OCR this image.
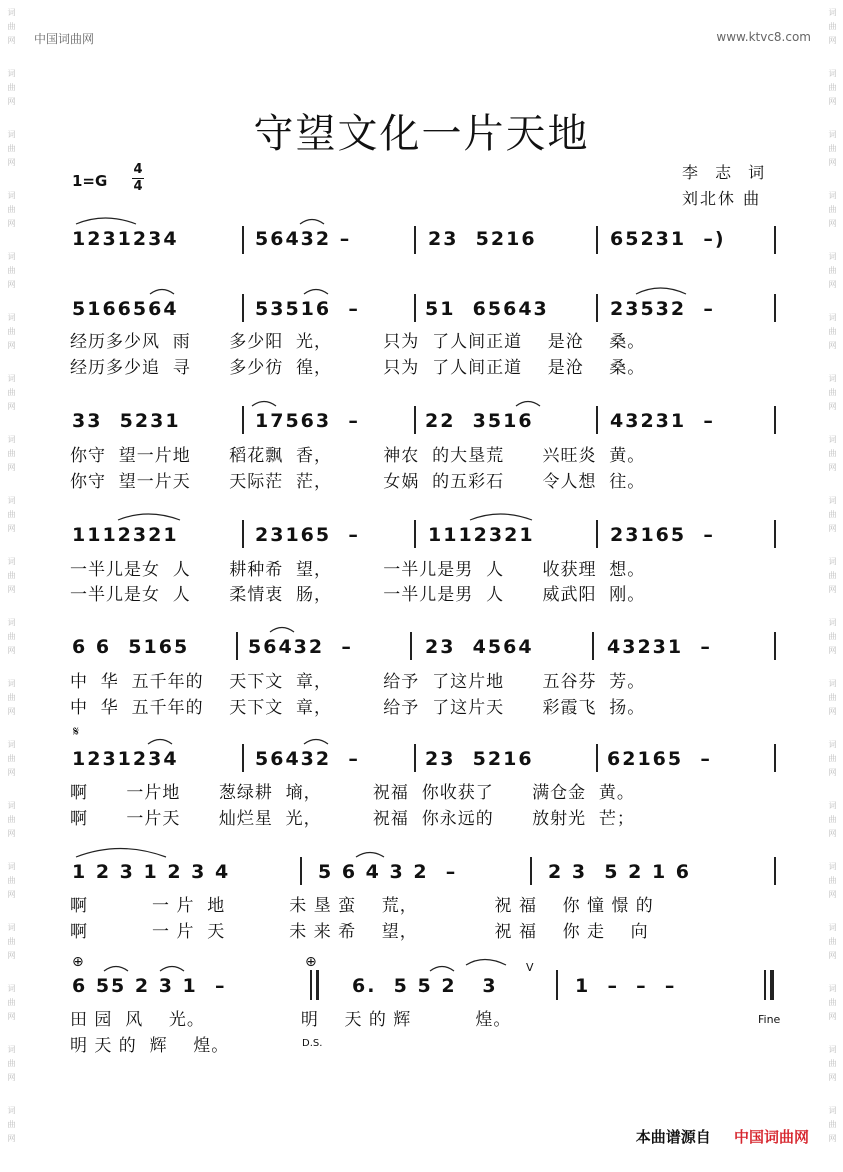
词
曲
网
词
曲
网
词
曲
网
词
曲
网
词
曲
网
词
曲
网
词
曲
网
词
曲
网
词
曲
网
词
曲
网
词
曲
网
词
曲
网
词
曲
网
词
曲
网
词
曲
网
词
曲
网
词
曲
网
词
曲
网
词
曲
网
词
曲
网
词
曲
网
词
曲
网
词
曲
网
词
曲
网
词
曲
网
词
曲
网
词
曲
网
词
曲
网
词
曲
网
词
曲
网
词
曲
网
词
曲
网
词
曲
网
词
曲
网
词
曲
网
词
曲
网
词
曲
网
词
曲
网
中国词曲网	www.ktvc8.com
守望文化一片天地
1=G
4
4
李 志 词
刘北休 曲
1231234	56432 –	23  5216	65231  –)
5166564	53516  –	51  65643	23532  –
经历多少风  雨      多少阳  光，        只为  了人间正道    是沧    桑。
经历多少追  寻      多少彷  徨，        只为  了人间正道    是沧    桑。
33  5231	17563  –	22  3516	43231  –
你守  望一片地      稻花飘  香，        神农  的大垦荒      兴旺炎  黄。
你守  望一片天      天际茫  茫，        女娲  的五彩石      令人想  往。
1112321	23165  –	1112321	23165  –
一半儿是女  人      耕种希  望，        一半儿是男  人      收获理  想。
一半儿是女  人      柔情衷  肠，        一半儿是男  人      威武阳  刚。
6 6  5165	56432  –	23  4564	43231  –
中  华  五千年的    天下文  章，        给予  了这片地      五谷芬  芳。
中  华  五千年的    天下文  章，        给予  了这片天      彩霞飞  扬。
𝄋
1231234	56432  –	23  5216	62165  –
啊      一片地      葱绿耕  墒，        祝福  你收获了      满仓金  黄。
啊      一片天      灿烂星  光，        祝福  你永远的      放射光  芒；
1 2 3 1 2 3 4	5 6 4 3 2  –	2 3  5 2 1 6
啊          一 片  地          未 垦 蛮    荒，            祝 福    你 憧 憬 的
啊          一 片  天          未 来 希    望，            祝 福    你 走    向
⊕	⊕	V
6 55 2 3 1  –	6.  5 5 2   3	1  –  –  –
田 园  风    光。               明    天 的 辉          煌。
明 天 的  辉    煌。
Fine
D.S.
本曲谱源自 中国词曲网
